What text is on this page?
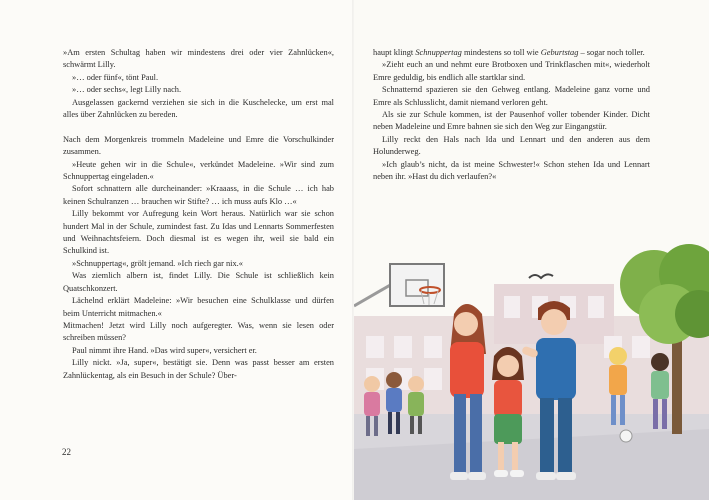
»Am ersten Schultag haben wir mindestens drei oder vier Zahnlücken«, schwärmt Lilly.

»… oder fünf«, tönt Paul.

»… oder sechs«, legt Lilly nach.

Ausgelassen gackernd verziehen sie sich in die Kuschelecke, um erst mal alles über Zahnlücken zu bereden.

Nach dem Morgenkreis trommeln Madeleine und Emre die Vorschulkinder zusammen.

»Heute gehen wir in die Schule«, verkündet Madeleine. »Wir sind zum Schnuppertag eingeladen.«

Sofort schnattern alle durcheinander: »Kraaass, in die Schule … ich hab keinen Schulranzen … brauchen wir Stifte? … ich muss aufs Klo …«

Lilly bekommt vor Aufregung kein Wort heraus. Natürlich war sie schon hundert Mal in der Schule, zumindest fast. Zu Idas und Lennarts Sommerfesten und Weihnachtsfeiern. Doch diesmal ist es wegen ihr, weil sie bald ein Schulkind ist.

»Schnuppertag«, grölt jemand. »Ich riech gar nix.«

Was ziemlich albern ist, findet Lilly. Die Schule ist schließlich kein Quatschkonzert.

Lächelnd erklärt Madeleine: »Wir besuchen eine Schulklasse und dürfen beim Unterricht mitmachen.«

Mitmachen! Jetzt wird Lilly noch aufgeregter. Was, wenn sie lesen oder schreiben müssen?

Paul nimmt ihre Hand. »Das wird super«, versichert er.

Lilly nickt. »Ja, super«, bestätigt sie. Denn was passt besser am ersten Zahnlückentag, als ein Besuch in der Schule? Über-

22

haupt klingt Schnuppertag mindestens so toll wie Geburtstag – sogar noch toller.

»Zieht euch an und nehmt eure Brotboxen und Trinkflaschen mit«, wiederholt Emre geduldig, bis endlich alle startklar sind.

Schnatternd spazieren sie den Gehweg entlang. Madeleine ganz vorne und Emre als Schlusslicht, damit niemand verloren geht.

Als sie zur Schule kommen, ist der Pausenhof voller tobender Kinder. Dicht neben Madeleine und Emre bahnen sie sich den Weg zur Eingangstür.

Lilly reckt den Hals nach Ida und Lennart und den anderen aus dem Holunderweg.

»Ich glaub’s nicht, da ist meine Schwester!« Schon stehen Ida und Lennart neben ihr. »Hast du dich verlaufen?«
